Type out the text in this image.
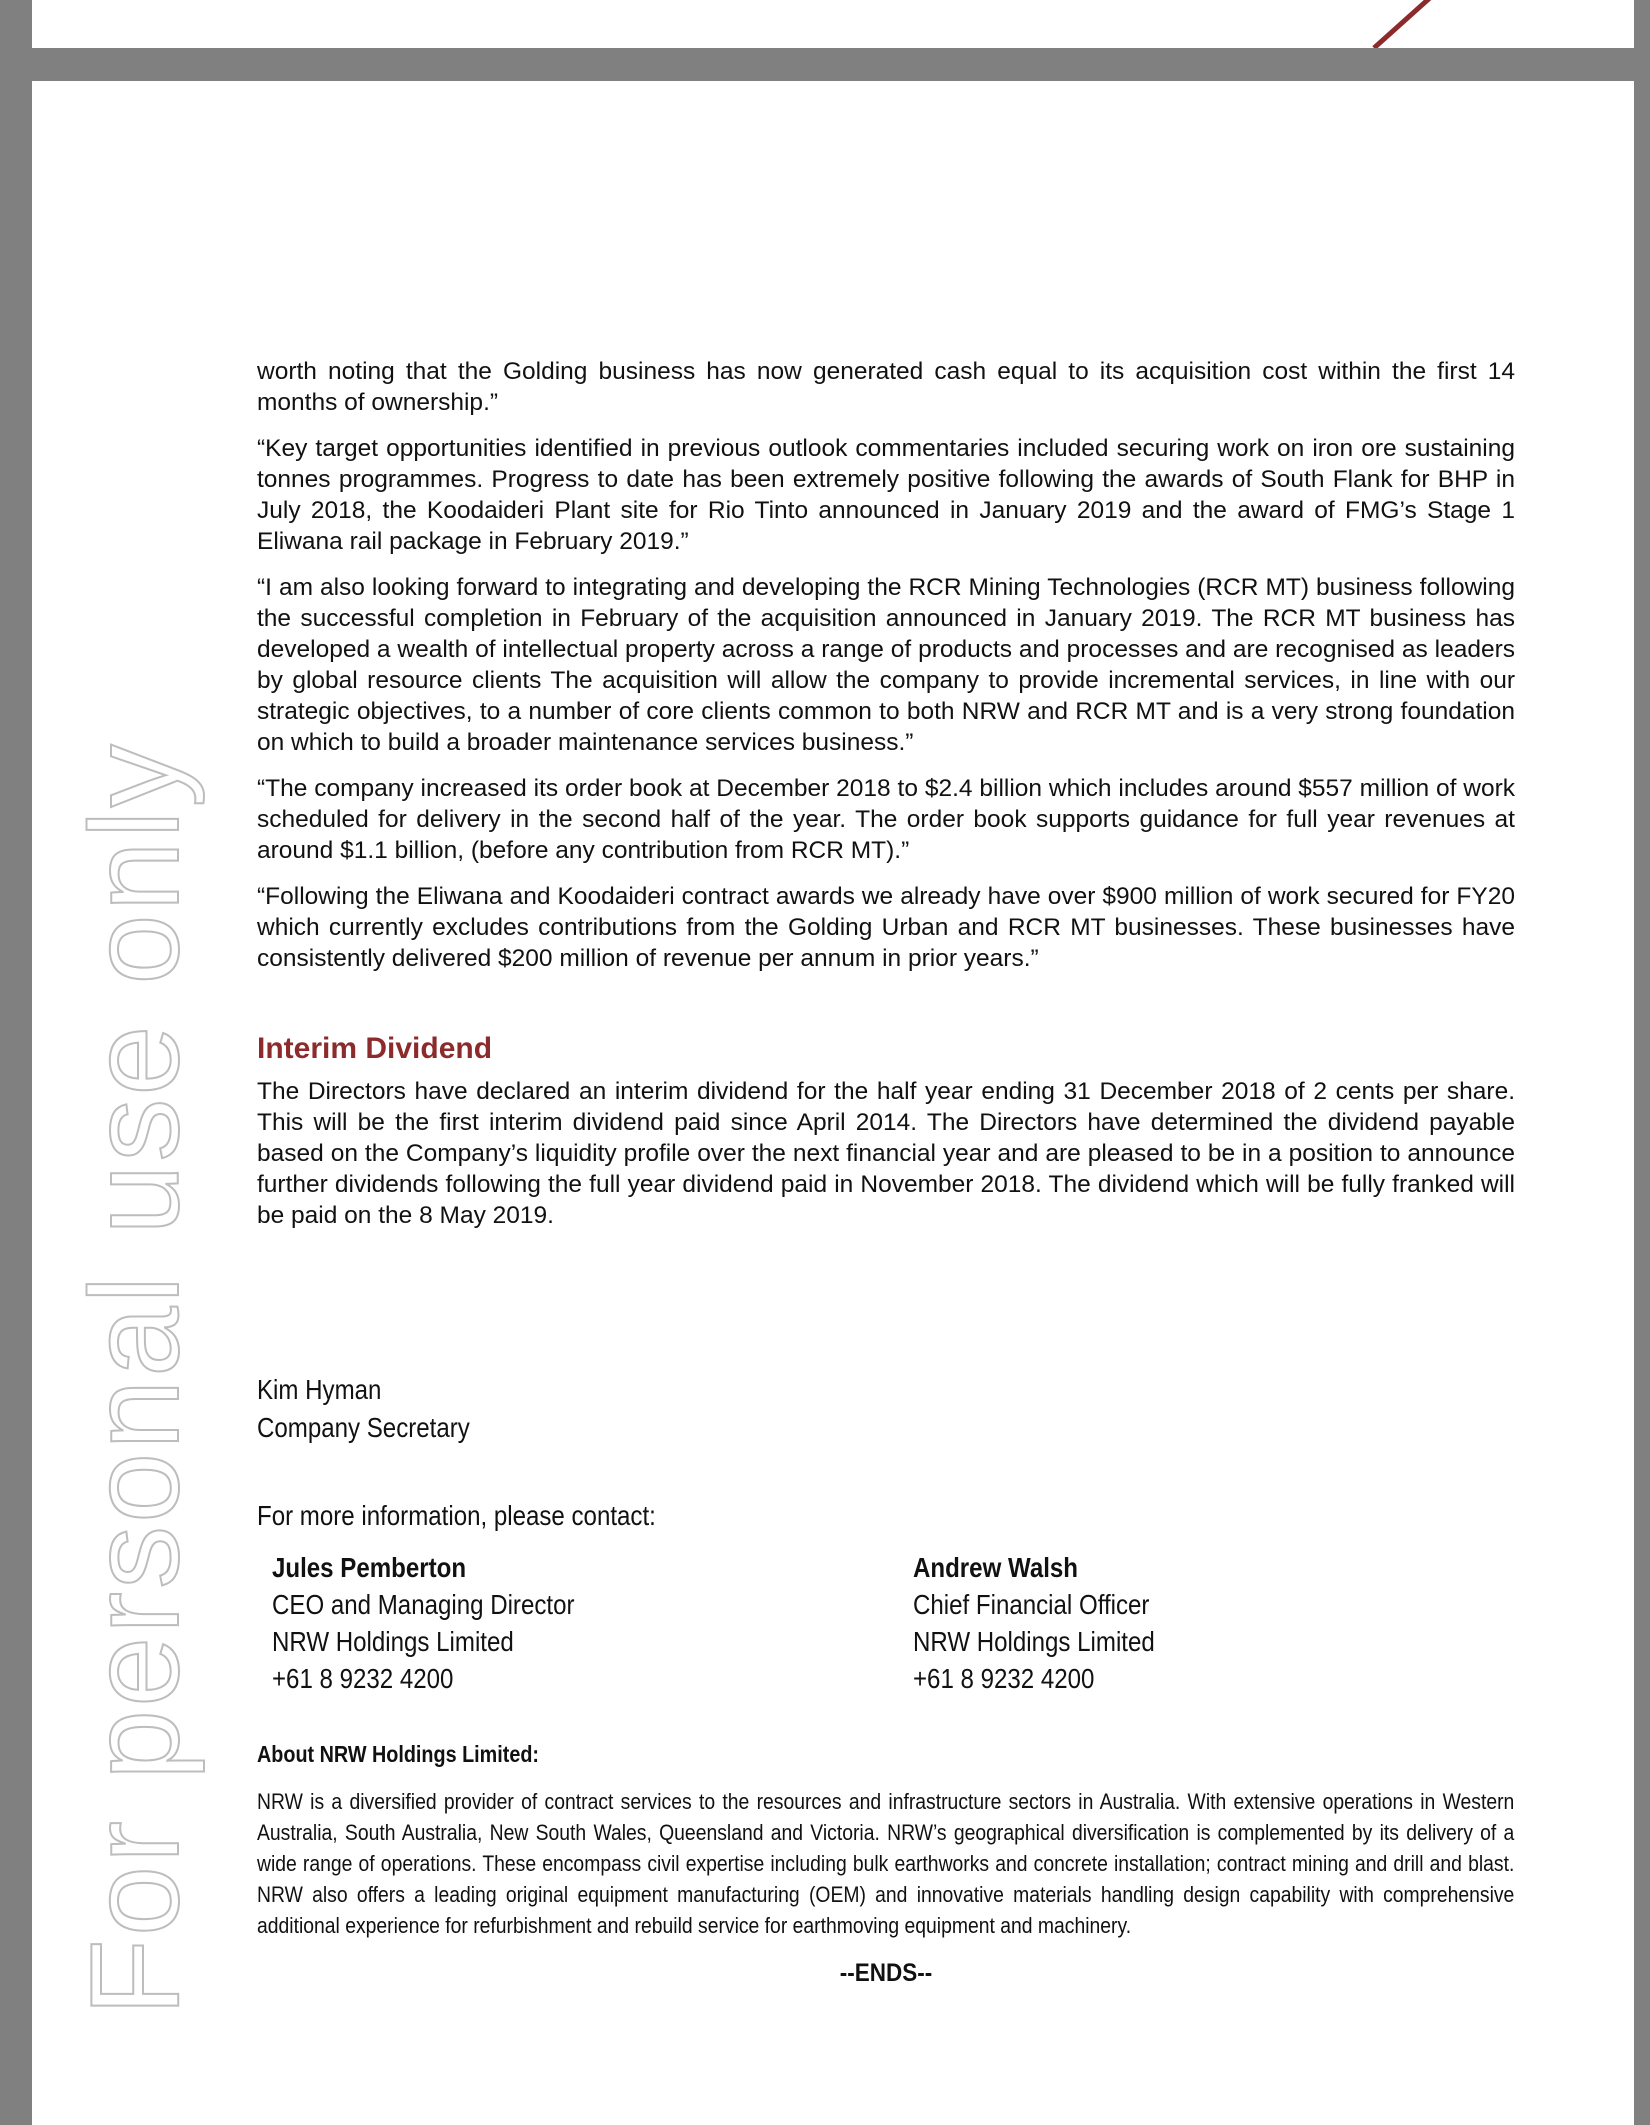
For personal use only

worth noting that the Golding business has now generated cash equal to its acquisition cost within the first 14 months of ownership.”

“Key target opportunities identified in previous outlook commentaries included securing work on iron ore sustaining tonnes programmes. Progress to date has been extremely positive following the awards of South Flank for BHP in July 2018, the Koodaideri Plant site for Rio Tinto announced in January 2019 and the award of FMG’s Stage 1 Eliwana rail package in February 2019.”

“I am also looking forward to integrating and developing the RCR Mining Technologies (RCR MT) business following the successful completion in February of the acquisition announced in January 2019. The RCR MT business has developed a wealth of intellectual property across a range of products and processes and are recognised as leaders by global resource clients The acquisition will allow the company to provide incremental services, in line with our strategic objectives, to a number of core clients common to both NRW and RCR MT and is a very strong foundation on which to build a broader maintenance services business.”

“The company increased its order book at December 2018 to $2.4 billion which includes around $557 million of work scheduled for delivery in the second half of the year. The order book supports guidance for full year revenues at around $1.1 billion, (before any contribution from RCR MT).”

“Following the Eliwana and Koodaideri contract awards we already have over $900 million of work secured for FY20 which currently excludes contributions from the Golding Urban and RCR MT businesses. These businesses have consistently delivered $200 million of revenue per annum in prior years.”

Interim Dividend

The Directors have declared an interim dividend for the half year ending 31 December 2018 of 2 cents per share. This will be the first interim dividend paid since April 2014. The Directors have determined the dividend payable based on the Company’s liquidity profile over the next financial year and are pleased to be in a position to announce further dividends following the full year dividend paid in November 2018. The dividend which will be fully franked will be paid on the 8 May 2019.

Kim Hyman
Company Secretary
For more information, please contact:
Jules Pemberton
CEO and Managing Director
NRW Holdings Limited
+61 8 9232 4200
Andrew Walsh
Chief Financial Officer
NRW Holdings Limited
+61 8 9232 4200
About NRW Holdings Limited:
NRW is a diversified provider of contract services to the resources and infrastructure sectors in Australia. With extensive operations in Western Australia, South Australia, New South Wales, Queensland and Victoria. NRW’s geographical diversification is complemented by its delivery of a wide range of operations. These encompass civil expertise including bulk earthworks and concrete installation; contract mining and drill and blast. NRW also offers a leading original equipment manufacturing (OEM) and innovative materials handling design capability with comprehensive additional experience for refurbishment and rebuild service for earthmoving equipment and machinery.
--ENDS--
